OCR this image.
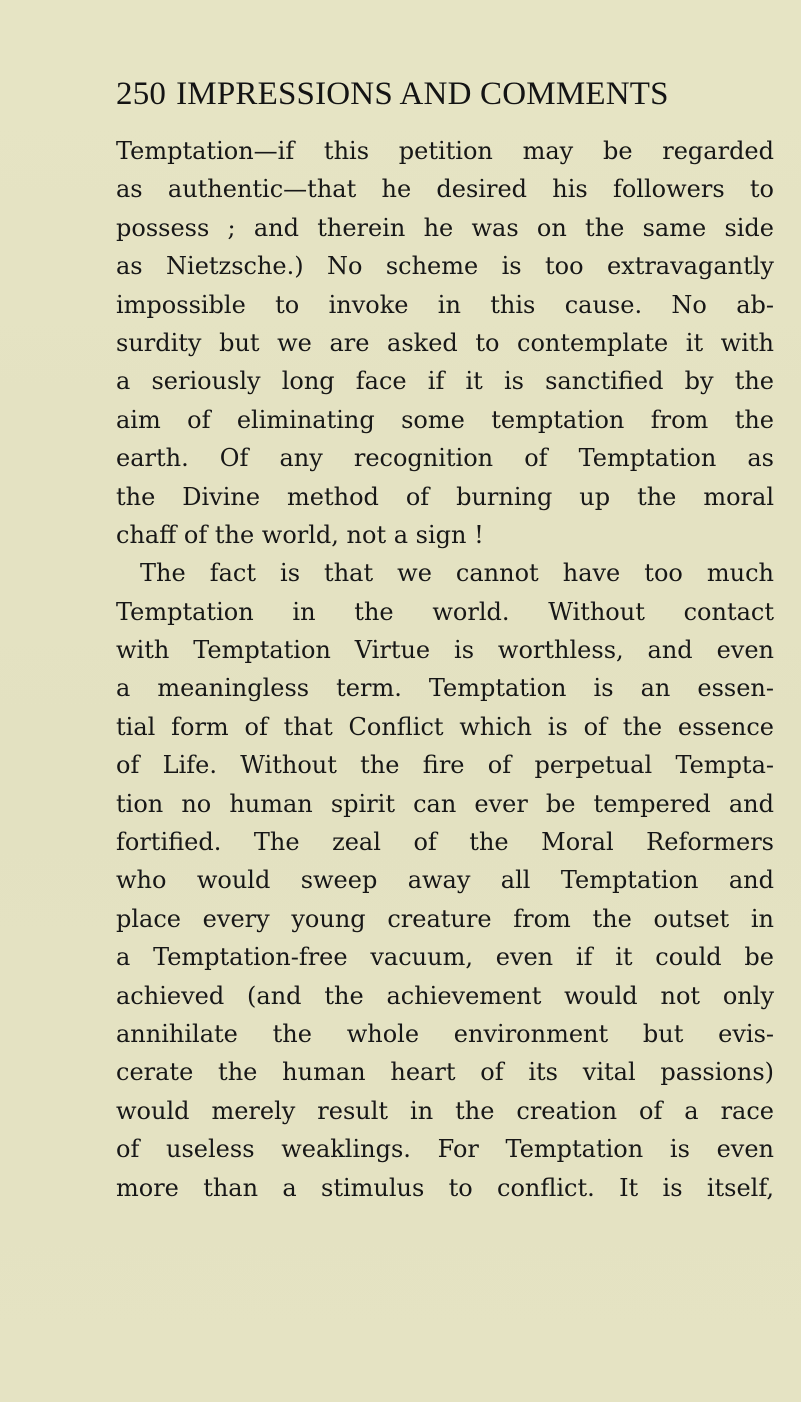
250 IMPRESSIONS AND COMMENTS
Temptation—if this petition may be regarded
as authentic—that he desired his followers to
possess ; and therein he was on the same side
as Nietzsche.) No scheme is too extravagantly
impossible to invoke in this cause. No ab-
surdity but we are asked to contemplate it with
a seriously long face if it is sanctified by the
aim of eliminating some temptation from the
earth. Of any recognition of Temptation as
the Divine method of burning up the moral
chaff of the world, not a sign !
The fact is that we cannot have too much
Temptation in the world. Without contact
with Temptation Virtue is worthless, and even
a meaningless term. Temptation is an essen-
tial form of that Conflict which is of the essence
of Life. Without the fire of perpetual Tempta-
tion no human spirit can ever be tempered and
fortified. The zeal of the Moral Reformers
who would sweep away all Temptation and
place every young creature from the outset in
a Temptation-free vacuum, even if it could be
achieved (and the achievement would not only
annihilate the whole environment but evis-
cerate the human heart of its vital passions)
would merely result in the creation of a race
of useless weaklings. For Temptation is even
more than a stimulus to conflict. It is itself,
